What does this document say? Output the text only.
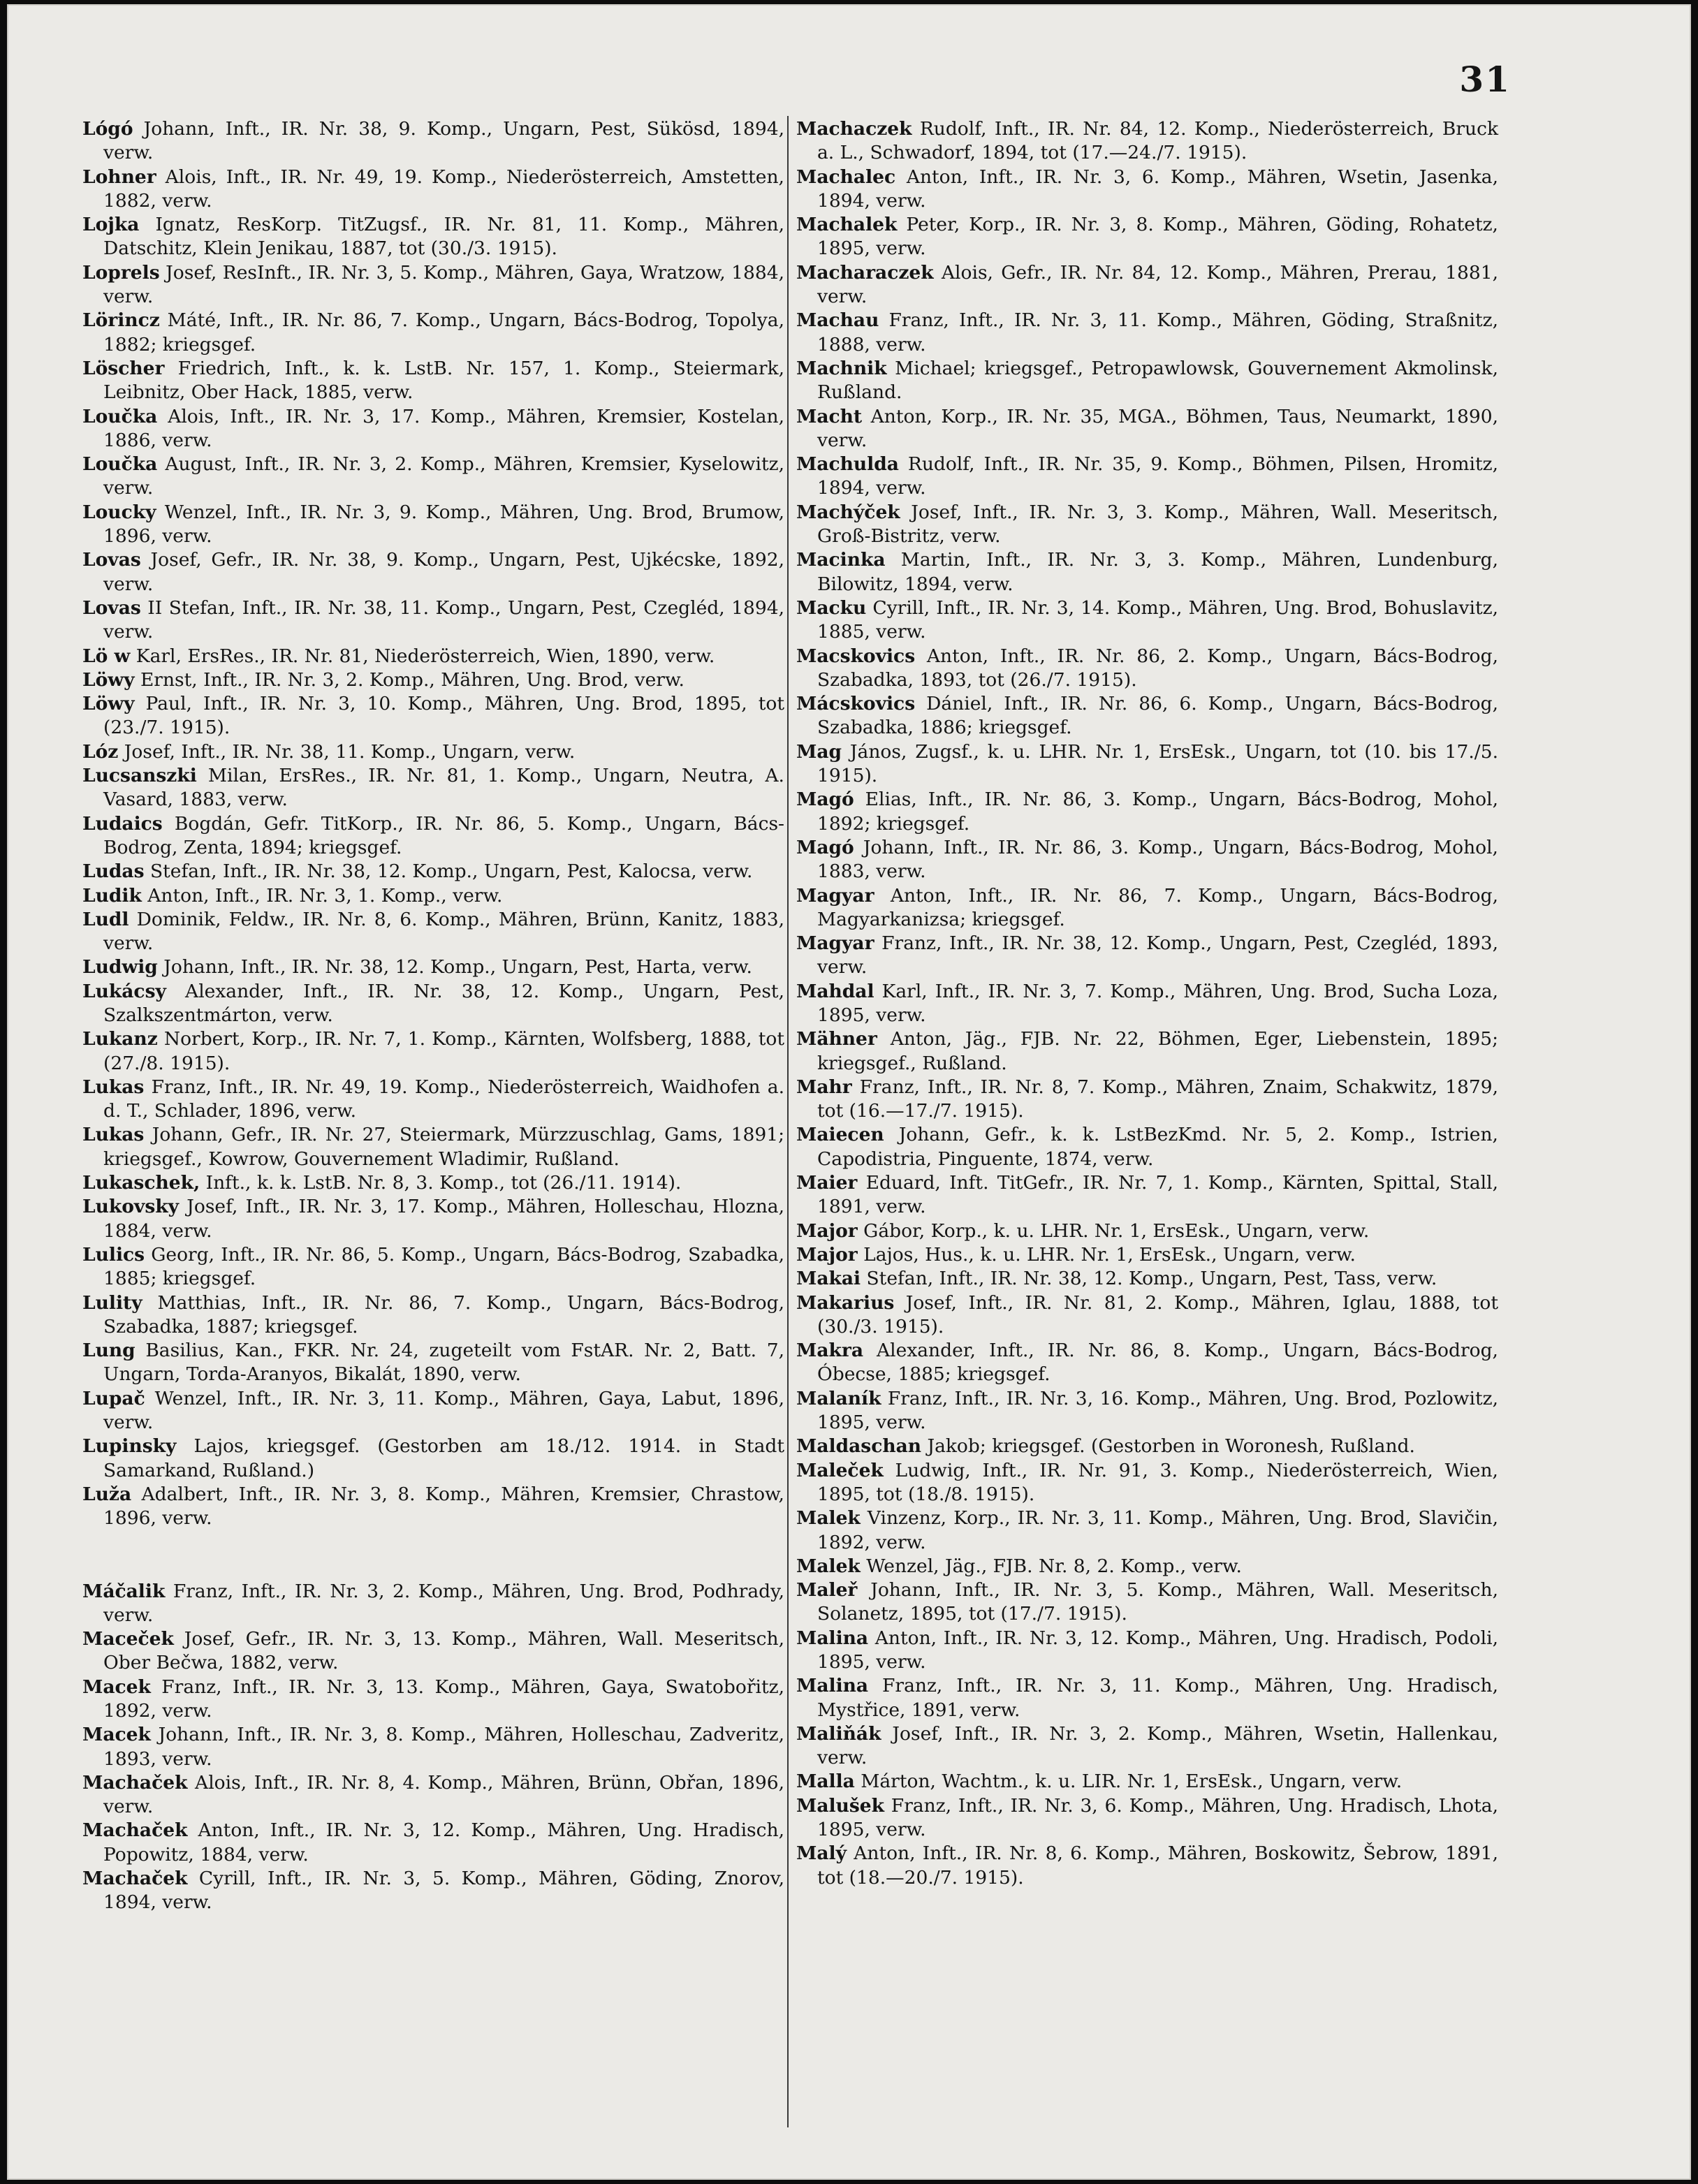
31
Lógó Johann, Inft., IR. Nr. 38, 9. Komp., Ungarn, Pest, Sükösd, 1894, verw.
Lohner Alois, Inft., IR. Nr. 49, 19. Komp., Niederösterreich, Amstetten, 1882, verw.
Lojka Ignatz, ResKorp. TitZugsf., IR. Nr. 81, 11. Komp., Mähren, Datschitz, Klein Jenikau, 1887, tot (30./3. 1915).
Loprels Josef, ResInft., IR. Nr. 3, 5. Komp., Mähren, Gaya, Wratzow, 1884, verw.
Lörincz Máté, Inft., IR. Nr. 86, 7. Komp., Ungarn, Bács-Bodrog, Topolya, 1882; kriegsgef.
Löscher Friedrich, Inft., k. k. LstB. Nr. 157, 1. Komp., Steiermark, Leibnitz, Ober Hack, 1885, verw.
Loučka Alois, Inft., IR. Nr. 3, 17. Komp., Mähren, Kremsier, Kostelan, 1886, verw.
Loučka August, Inft., IR. Nr. 3, 2. Komp., Mähren, Kremsier, Kyselowitz, verw.
Loucky Wenzel, Inft., IR. Nr. 3, 9. Komp., Mähren, Ung. Brod, Brumow, 1896, verw.
Lovas Josef, Gefr., IR. Nr. 38, 9. Komp., Ungarn, Pest, Ujkécske, 1892, verw.
Lovas II Stefan, Inft., IR. Nr. 38, 11. Komp., Ungarn, Pest, Czegléd, 1894, verw.
Lö w Karl, ErsRes., IR. Nr. 81, Niederösterreich, Wien, 1890, verw.
Löwy Ernst, Inft., IR. Nr. 3, 2. Komp., Mähren, Ung. Brod, verw.
Löwy Paul, Inft., IR. Nr. 3, 10. Komp., Mähren, Ung. Brod, 1895, tot (23./7. 1915).
Lóz Josef, Inft., IR. Nr. 38, 11. Komp., Ungarn, verw.
Lucsanszki Milan, ErsRes., IR. Nr. 81, 1. Komp., Ungarn, Neutra, A. Vasard, 1883, verw.
Ludaics Bogdán, Gefr. TitKorp., IR. Nr. 86, 5. Komp., Ungarn, Bács-Bodrog, Zenta, 1894; kriegsgef.
Ludas Stefan, Inft., IR. Nr. 38, 12. Komp., Ungarn, Pest, Kalocsa, verw.
Ludik Anton, Inft., IR. Nr. 3, 1. Komp., verw.
Ludl Dominik, Feldw., IR. Nr. 8, 6. Komp., Mähren, Brünn, Kanitz, 1883, verw.
Ludwig Johann, Inft., IR. Nr. 38, 12. Komp., Ungarn, Pest, Harta, verw.
Lukácsy Alexander, Inft., IR. Nr. 38, 12. Komp., Ungarn, Pest, Szalkszentmárton, verw.
Lukanz Norbert, Korp., IR. Nr. 7, 1. Komp., Kärnten, Wolfsberg, 1888, tot (27./8. 1915).
Lukas Franz, Inft., IR. Nr. 49, 19. Komp., Niederösterreich, Waidhofen a. d. T., Schlader, 1896, verw.
Lukas Johann, Gefr., IR. Nr. 27, Steiermark, Mürzzuschlag, Gams, 1891; kriegsgef., Kowrow, Gouvernement Wladimir, Rußland.
Lukaschek, Inft., k. k. LstB. Nr. 8, 3. Komp., tot (26./11. 1914).
Lukovsky Josef, Inft., IR. Nr. 3, 17. Komp., Mähren, Holleschau, Hlozna, 1884, verw.
Lulics Georg, Inft., IR. Nr. 86, 5. Komp., Ungarn, Bács-Bodrog, Szabadka, 1885; kriegsgef.
Lulity Matthias, Inft., IR. Nr. 86, 7. Komp., Ungarn, Bács-Bodrog, Szabadka, 1887; kriegsgef.
Lung Basilius, Kan., FKR. Nr. 24, zugeteilt vom FstAR. Nr. 2, Batt. 7, Ungarn, Torda-Aranyos, Bikalát, 1890, verw.
Lupač Wenzel, Inft., IR. Nr. 3, 11. Komp., Mähren, Gaya, Labut, 1896, verw.
Lupinsky Lajos, kriegsgef. (Gestorben am 18./12. 1914. in Stadt Samarkand, Rußland.)
Luža Adalbert, Inft., IR. Nr. 3, 8. Komp., Mähren, Kremsier, Chrastow, 1896, verw.
Máčalik Franz, Inft., IR. Nr. 3, 2. Komp., Mähren, Ung. Brod, Podhrady, verw.
Maceček Josef, Gefr., IR. Nr. 3, 13. Komp., Mähren, Wall. Meseritsch, Ober Bečwa, 1882, verw.
Macek Franz, Inft., IR. Nr. 3, 13. Komp., Mähren, Gaya, Swatobořitz, 1892, verw.
Macek Johann, Inft., IR. Nr. 3, 8. Komp., Mähren, Holleschau, Zadveritz, 1893, verw.
Machaček Alois, Inft., IR. Nr. 8, 4. Komp., Mähren, Brünn, Obřan, 1896, verw.
Machaček Anton, Inft., IR. Nr. 3, 12. Komp., Mähren, Ung. Hradisch, Popowitz, 1884, verw.
Machaček Cyrill, Inft., IR. Nr. 3, 5. Komp., Mähren, Göding, Znorov, 1894, verw.
Machaczek Rudolf, Inft., IR. Nr. 84, 12. Komp., Niederösterreich, Bruck a. L., Schwadorf, 1894, tot (17.—24./7. 1915).
Machalec Anton, Inft., IR. Nr. 3, 6. Komp., Mähren, Wsetin, Jasenka, 1894, verw.
Machalek Peter, Korp., IR. Nr. 3, 8. Komp., Mähren, Göding, Rohatetz, 1895, verw.
Macharaczek Alois, Gefr., IR. Nr. 84, 12. Komp., Mähren, Prerau, 1881, verw.
Machau Franz, Inft., IR. Nr. 3, 11. Komp., Mähren, Göding, Straßnitz, 1888, verw.
Machnik Michael; kriegsgef., Petropawlowsk, Gouvernement Akmolinsk, Rußland.
Macht Anton, Korp., IR. Nr. 35, MGA., Böhmen, Taus, Neumarkt, 1890, verw.
Machulda Rudolf, Inft., IR. Nr. 35, 9. Komp., Böhmen, Pilsen, Hromitz, 1894, verw.
Machýček Josef, Inft., IR. Nr. 3, 3. Komp., Mähren, Wall. Meseritsch, Groß-Bistritz, verw.
Macinka Martin, Inft., IR. Nr. 3, 3. Komp., Mähren, Lundenburg, Bilowitz, 1894, verw.
Macku Cyrill, Inft., IR. Nr. 3, 14. Komp., Mähren, Ung. Brod, Bohuslavitz, 1885, verw.
Macskovics Anton, Inft., IR. Nr. 86, 2. Komp., Ungarn, Bács-Bodrog, Szabadka, 1893, tot (26./7. 1915).
Mácskovics Dániel, Inft., IR. Nr. 86, 6. Komp., Ungarn, Bács-Bodrog, Szabadka, 1886; kriegsgef.
Mag János, Zugsf., k. u. LHR. Nr. 1, ErsEsk., Ungarn, tot (10. bis 17./5. 1915).
Magó Elias, Inft., IR. Nr. 86, 3. Komp., Ungarn, Bács-Bodrog, Mohol, 1892; kriegsgef.
Magó Johann, Inft., IR. Nr. 86, 3. Komp., Ungarn, Bács-Bodrog, Mohol, 1883, verw.
Magyar Anton, Inft., IR. Nr. 86, 7. Komp., Ungarn, Bács-Bodrog, Magyarkanizsa; kriegsgef.
Magyar Franz, Inft., IR. Nr. 38, 12. Komp., Ungarn, Pest, Czegléd, 1893, verw.
Mahdal Karl, Inft., IR. Nr. 3, 7. Komp., Mähren, Ung. Brod, Sucha Loza, 1895, verw.
Mähner Anton, Jäg., FJB. Nr. 22, Böhmen, Eger, Liebenstein, 1895; kriegsgef., Rußland.
Mahr Franz, Inft., IR. Nr. 8, 7. Komp., Mähren, Znaim, Schakwitz, 1879, tot (16.—17./7. 1915).
Maiecen Johann, Gefr., k. k. LstBezKmd. Nr. 5, 2. Komp., Istrien, Capodistria, Pinguente, 1874, verw.
Maier Eduard, Inft. TitGefr., IR. Nr. 7, 1. Komp., Kärnten, Spittal, Stall, 1891, verw.
Major Gábor, Korp., k. u. LHR. Nr. 1, ErsEsk., Ungarn, verw.
Major Lajos, Hus., k. u. LHR. Nr. 1, ErsEsk., Ungarn, verw.
Makai Stefan, Inft., IR. Nr. 38, 12. Komp., Ungarn, Pest, Tass, verw.
Makarius Josef, Inft., IR. Nr. 81, 2. Komp., Mähren, Iglau, 1888, tot (30./3. 1915).
Makra Alexander, Inft., IR. Nr. 86, 8. Komp., Ungarn, Bács-Bodrog, Óbecse, 1885; kriegsgef.
Malaník Franz, Inft., IR. Nr. 3, 16. Komp., Mähren, Ung. Brod, Pozlowitz, 1895, verw.
Maldaschan Jakob; kriegsgef. (Gestorben in Woronesh, Rußland.
Maleček Ludwig, Inft., IR. Nr. 91, 3. Komp., Niederösterreich, Wien, 1895, tot (18./8. 1915).
Malek Vinzenz, Korp., IR. Nr. 3, 11. Komp., Mähren, Ung. Brod, Slavičin, 1892, verw.
Malek Wenzel, Jäg., FJB. Nr. 8, 2. Komp., verw.
Maleř Johann, Inft., IR. Nr. 3, 5. Komp., Mähren, Wall. Meseritsch, Solanetz, 1895, tot (17./7. 1915).
Malina Anton, Inft., IR. Nr. 3, 12. Komp., Mähren, Ung. Hradisch, Podoli, 1895, verw.
Malina Franz, Inft., IR. Nr. 3, 11. Komp., Mähren, Ung. Hradisch, Mystřice, 1891, verw.
Maliňák Josef, Inft., IR. Nr. 3, 2. Komp., Mähren, Wsetin, Hallenkau, verw.
Malla Márton, Wachtm., k. u. LIR. Nr. 1, ErsEsk., Ungarn, verw.
Malušek Franz, Inft., IR. Nr. 3, 6. Komp., Mähren, Ung. Hradisch, Lhota, 1895, verw.
Malý Anton, Inft., IR. Nr. 8, 6. Komp., Mähren, Boskowitz, Šebrow, 1891, tot (18.—20./7. 1915).
